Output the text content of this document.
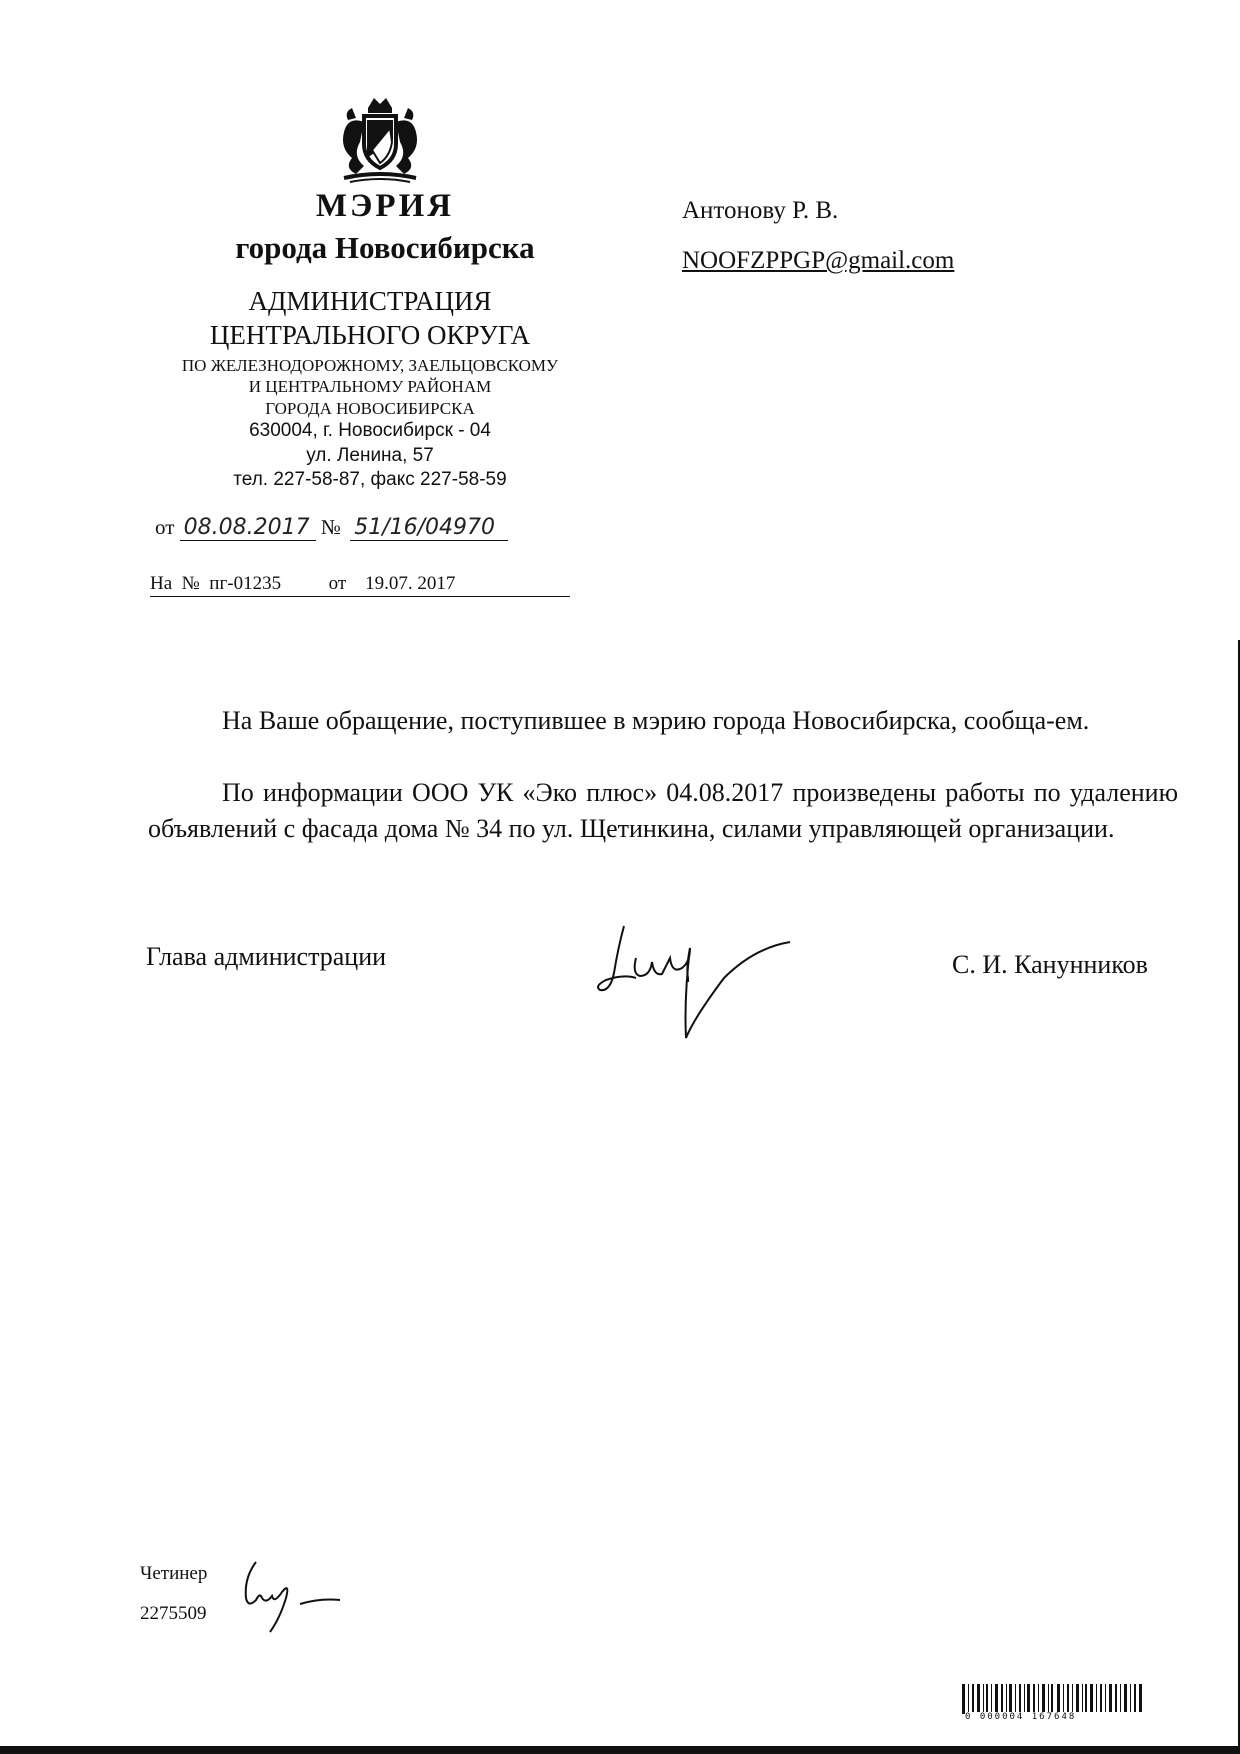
МЭРИЯ
города Новосибирска
АДМИНИСТРАЦИЯ
ЦЕНТРАЛЬНОГО ОКРУГА
ПО ЖЕЛЕЗНОДОРОЖНОМУ, ЗАЕЛЬЦОВСКОМУ
И ЦЕНТРАЛЬНОМУ РАЙОНАМ
ГОРОДА НОВОСИБИРСКА
630004, г. Новосибирск - 04
ул. Ленина, 57
тел. 227-58-87, факс 227-58-59
от 08.08.2017 № 51/16/04970
На  №  пг-01235          от    19.07. 2017
Антонову Р. В.
NOOFZPPGP@gmail.com
На Ваше обращение, поступившее в мэрию города Новосибирска, сообща-ем.
По информации ООО УК «Эко плюс» 04.08.2017 произведены работы по удалению объявлений с фасада дома № 34 по ул. Щетинкина, силами управляющей организации.
Глава администрации	С. И. Канунников
Четинер
2275509
0 000004 167648
